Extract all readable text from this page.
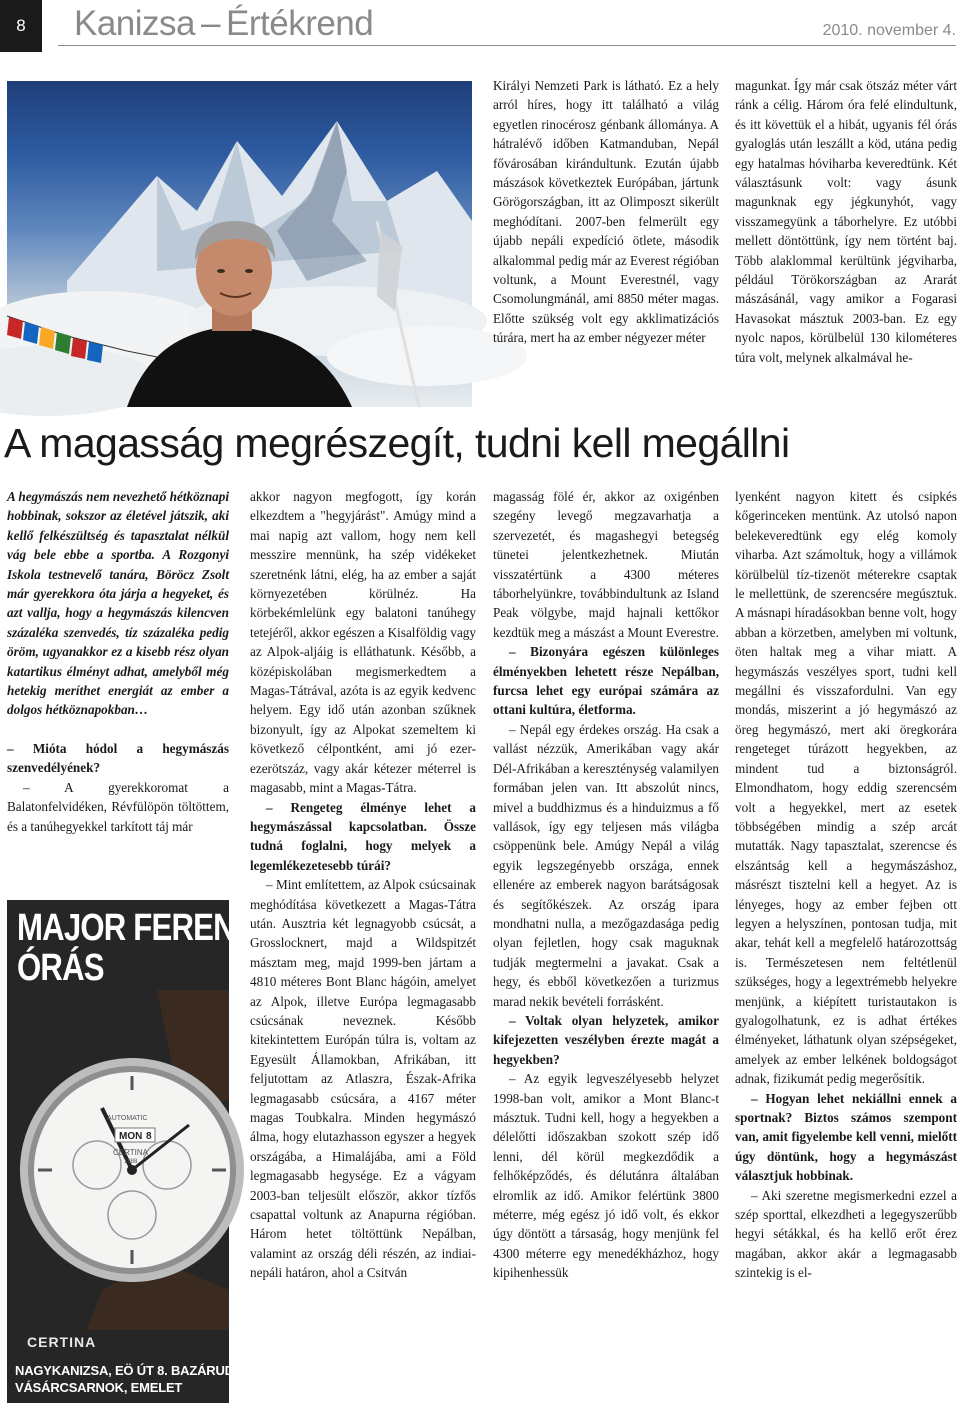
8	Kanizsa – Értékrend	2010. november 4.

Királyi Nemzeti Park is látható. Ez a hely arról híres, hogy itt található a világ egyetlen rinocérosz génbank állománya. A hátralévő időben Katmanduban, Nepál fővárosában kirándultunk. Ezután újabb mászások következtek Európában, jártunk Görögországban, itt az Olimposzt sikerült meghódítani. 2007-ben felmerült egy újabb nepáli expedíció ötlete, második alkalommal pedig már az Everest régióban voltunk, a Mount Everestnél, vagy Csomolungmánál, ami 8850 méter magas. Előtte szükség volt egy akklimatizációs túrára, mert ha az ember négyezer méter

magunkat. Így már csak ötszáz méter várt ránk a célig. Három óra felé elindultunk, és itt követtük el a hibát, ugyanis fél órás gyaloglás után leszállt a köd, utána pedig egy hatalmas hóviharba keveredtünk. Két választásunk volt: vagy ásunk magunknak egy jégkunyhót, vagy visszamegyünk a táborhelyre. Ez utóbbi mellett döntöttünk, így nem történt baj. Több alaklommal kerültünk jégviharba, például Törökországban az Ararát mászásánál, vagy amikor a Fogarasi Havasokat másztuk 2003-ban. Ez egy nyolc napos, körülbelül 130 kilométeres túra volt, melynek alkalmával he-

A magasság megrészegít, tudni kell megállni

A hegymászás nem nevezhető hétköznapi hobbinak, sokszor az életével játszik, aki kellő felkészültség és tapasztalat nélkül vág bele ebbe a sportba. A Rozgonyi Iskola testnevelő tanára, Böröcz Zsolt már gyerekkora óta járja a hegyeket, és azt vallja, hogy a hegymászás kilencven százaléka szenvedés, tíz százaléka pedig öröm, ugyanakkor ez a kisebb rész olyan katartikus élményt adhat, amelyből még hetekig meríthet energiát az ember a dolgos hétköznapokban…

– Mióta hódol a hegymászás szenvedélyének?

– A gyerekkoromat a Balatonfelvidéken, Révfülöpön töltöttem, és a tanúhegyekkel tarkított táj már

akkor nagyon megfogott, így korán elkezdtem a "hegyjárást". Amúgy mind a mai napig azt vallom, hogy nem kell messzire mennünk, ha szép vidékeket szeretnénk látni, elég, ha az ember a saját környezetében körülnéz. Ha körbekémlelünk egy balatoni tanúhegy tetejéről, akkor egészen a Kisalföldig vagy az Alpok-aljáig is elláthatunk. Később, a középiskolában megismerkedtem a Magas-Tátrával, azóta is az egyik kedvenc helyem. Egy idő után azonban szűknek bizonyult, így az Alpokat szemeltem ki következő célpontként, ami jó ezer-ezerötszáz, vagy akár kétezer méterrel is magasabb, mint a Magas-Tátra.

– Rengeteg élménye lehet a hegymászással kapcsolatban. Össze tudná foglalni, hogy melyek a legemlékezetesebb túrái?

– Mint említettem, az Alpok csúcsainak meghódítása következett a Magas-Tátra után. Ausztria két legnagyobb csúcsát, a Grosslocknert, majd a Wildspitzét másztam meg, majd 1999-ben jártam a 4810 méteres Bont Blanc hágóin, amelyet az Alpok, illetve Európa legmagasabb csúcsának neveznek. Később kitekintettem Európán túlra is, voltam az Egyesült Államokban, Afrikában, itt feljutottam az Atlaszra, Észak-Afrika legmagasabb csúcsára, a 4167 méter magas Toubkalra. Minden hegymászó álma, hogy elutazhasson egyszer a hegyek országába, a Himalájába, ami a Föld legmagasabb hegysége. Ez a vágyam 2003-ban teljesült először, akkor tízfős csapattal voltunk az Anapurna régióban. Három hetet töltöttünk Nepálban, valamint az ország déli részén, az indiai-nepáli határon, ahol a Csitván

magasság fölé ér, akkor az oxigénben szegény levegő megzavarhatja a szervezetét, és magashegyi betegség tünetei jelentkezhetnek. Miután visszatértünk a 4300 méteres táborhelyünkre, továbbindultunk az Island Peak völgybe, majd hajnali kettőkor kezdtük meg a mászást a Mount Everestre.

– Bizonyára egészen különleges élményekben lehetett része Nepálban, furcsa lehet egy európai számára az ottani kultúra, életforma.

– Nepál egy érdekes ország. Ha csak a vallást nézzük, Amerikában vagy akár Dél-Afrikában a kereszténység valamilyen formában jelen van. Itt abszolút nincs, mivel a buddhizmus és a hinduizmus a fő vallások, így egy teljesen más világba csöppenünk bele. Amúgy Nepál a világ egyik legszegényebb országa, ennek ellenére az emberek nagyon barátságosak és segítőkészek. Az ország ipara mondhatni nulla, a mezőgazdasága pedig olyan fejletlen, hogy csak maguknak tudják megtermelni a javakat. Csak a hegy, és ebből következően a turizmus marad nekik bevételi forrásként.

– Voltak olyan helyzetek, amikor kifejezetten veszélyben érezte magát a hegyekben?

– Az egyik legveszélyesebb helyzet 1998-ban volt, amikor a Mont Blanc-t másztuk. Tudni kell, hogy a hegyekben a délelőtti időszakban szokott szép idő lenni, dél körül megkezdődik a felhőképződés, és délutánra általában elromlik az idő. Amikor felértünk 3800 méterre, még egész jó idő volt, és ekkor úgy döntött a társaság, hogy menjünk fel 4300 méterre egy menedékházhoz, hogy kipihenhessük

lyenként nagyon kitett és csipkés kőgerinceken mentünk. Az utolsó napon belekeveredtünk egy elég komoly viharba. Azt számoltuk, hogy a villámok körülbelül tíz-tizenöt méterekre csaptak le mellettünk, de szerencsére megúsztuk. A másnapi híradásokban benne volt, hogy abban a körzetben, amelyben mi voltunk, öten haltak meg a vihar miatt. A hegymászás veszélyes sport, tudni kell megállni és visszafordulni. Van egy mondás, miszerint a jó hegymászó az öreg hegymászó, mert aki öregkorára rengeteget túrázott hegyekben, az mindent tud a biztonságról. Elmondhatom, hogy eddig szerencsém volt a hegyekkel, mert az esetek többségében mindig a szép arcát mutatták. Nagy tapasztalat, szerencse és elszántság kell a hegymászáshoz, másrészt tisztelni kell a hegyet. Az is lényeges, hogy az ember fejben ott legyen a helyszínen, pontosan tudja, mit akar, tehát kell a megfelelő határozottság is. Természetesen nem feltétlenül szükséges, hogy a legextrémebb helyekre menjünk, a kiépített turistautakon is gyalogolhatunk, ez is adhat értékes élményeket, láthatunk olyan szépségeket, amelyek az ember lelkének boldogságot adnak, fizikumát pedig megerősítik.

– Hogyan lehet nekiállni ennek a sportnak? Biztos számos szempont van, amit figyelembe kell venni, mielőtt úgy döntünk, hogy a hegymászást választjuk hobbinak.

– Aki szeretne megismerkedni ezzel a szép sporttal, elkezdheti a legegyszerűbb hegyi sétákkal, és ha kellő erőt érez magában, akkor akár a legmagasabb szintekig is el-

MAJOR FERENC
ÓRÁS
MON 8
AUTOMATIC
CERTINA
1888
CERTINA
NAGYKANIZSA, EÖ ÚT 8. BAZÁRUDVAR
VÁSÁRCSARNOK, EMELET
